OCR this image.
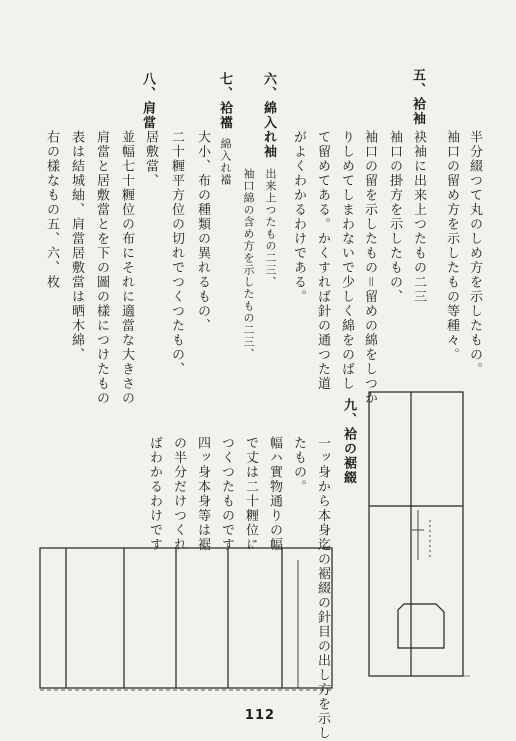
五、袷袖
六、綿入れ袖
七、袷襠
八、肩當
九、袷の裾綴
半分綴つて丸のしめ方を示したもの。
袖口の留め方を示したもの等種々。
袂袖に出来上つたもの二三
袖口の掛方を示したもの、
袖口の留を示したもの＝留めの綿をしつか
りしめてしまわないで少しく綿をのばし
て留めてある。かくすれば針の通つた道
がよくわかるわけである。
出来上つたもの二三、
袖口綿の含め方を示したもの二三、
綿入れ襠
大小、布の種類の異れるもの、
二十糎平方位の切れでつくつたもの、
居敷當、
並幅七十糎位の布にそれに適當な大きさの
肩當と居敷當とを下の圖の樣につけたもの
表は結城紬、肩當居敷當は晒木綿、
右の樣なもの五、六、枚
一ッ身から本身迄の裾綴の針目の出し方を示し
たもの。
幅ハ實物通りの幅
で丈は二十糎位に
つくつたものです
四ッ身本身等は裾
の半分だけつくれ
ばわかるわけです
112
